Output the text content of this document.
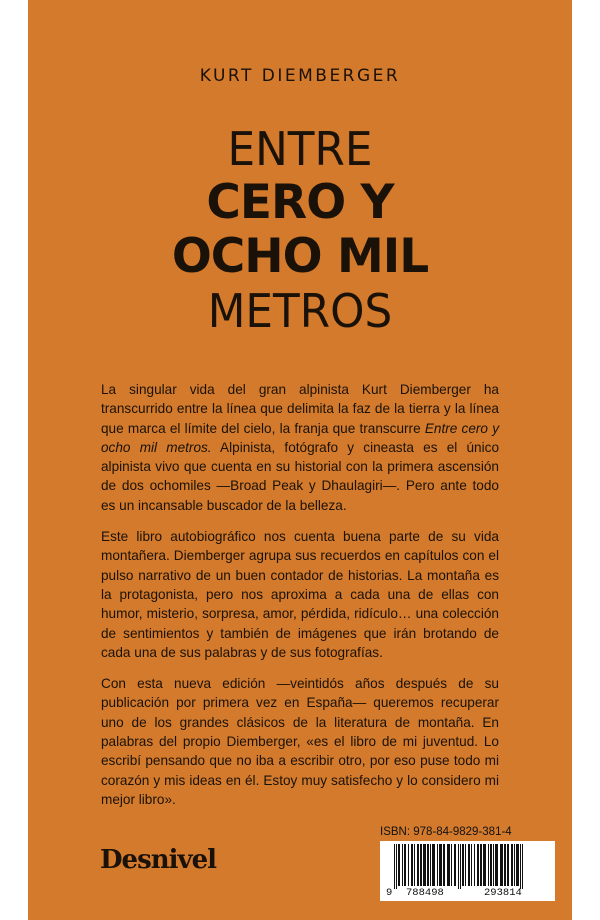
KURT DIEMBERGER
ENTRE
CERO Y
OCHO MIL
METROS

La singular vida del gran alpinista Kurt Diemberger ha transcurrido entre la línea que delimita la faz de la tierra y la línea que marca el límite del cielo, la franja que transcurre Entre cero y ocho mil metros. Alpinista, fotógrafo y cineasta es el único alpinista vivo que cuenta en su historial con la primera ascensión de dos ochomiles —Broad Peak y Dhaulagiri—. Pero ante todo es un incansable buscador de la belleza.

Este libro autobiográfico nos cuenta buena parte de su vida montañera. Diemberger agrupa sus recuerdos en capítulos con el pulso narrativo de un buen contador de historias. La montaña es la protagonista, pero nos aproxima a cada una de ellas con humor, misterio, sorpresa, amor, pérdida, ridículo… una colección de sentimientos y también de imágenes que irán brotando de cada una de sus palabras y de sus fotografías.

Con esta nueva edición —veintidós años después de su publicación por primera vez en España— queremos recuperar uno de los grandes clásicos de la literatura de montaña. En palabras del propio Diemberger, «es el libro de mi juventud. Lo escribí pensando que no iba a escribir otro, por eso puse todo mi corazón y mis ideas en él. Estoy muy satisfecho y lo considero mi mejor libro».

Desnivel
ISBN: 978-84-9829-381-4
9 788498	293814
